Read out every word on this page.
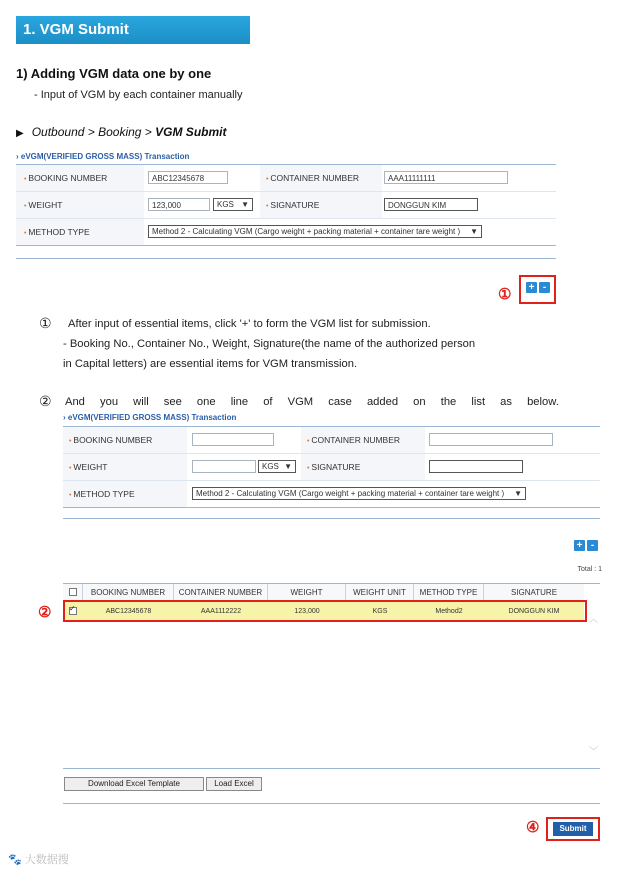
1. VGM Submit
1) Adding VGM data one by one
- Input of VGM by each container manually
▶ Outbound > Booking > VGM Submit
› eVGM(VERIFIED GROSS MASS) Transaction
• BOOKING NUMBER	ABC12345678	• CONTAINER NUMBER	AAA11111111
• WEIGHT	123,000	KGS ▼	• SIGNATURE	DONGGUN KIM
• METHOD TYPE	Method 2 - Calculating VGM (Cargo weight + packing material + container tare weight ) ▼
+ -
①
① After input of essential items, click '+' to form the VGM list for submission.
- Booking No., Container No., Weight, Signature(the name of the authorized person
in Capital letters) are essential items for VGM transmission.
② And you will see one line of VGM case added on the list as below.
› eVGM(VERIFIED GROSS MASS) Transaction
• BOOKING NUMBER	• CONTAINER NUMBER
• WEIGHT	KGS ▼	• SIGNATURE
• METHOD TYPE	Method 2 - Calculating VGM (Cargo weight + packing material + container tare weight ) ▼
+ -
Total : 1
BOOKING NUMBER	CONTAINER NUMBER	WEIGHT	WEIGHT UNIT	METHOD TYPE	SIGNATURE
✓	ABC12345678	AAA1112222	123,000	KGS	Method2	DONGGUN KIM
︿
﹀
②
Download Excel Template	Load Excel
Submit
④
🐾 大数据搜
